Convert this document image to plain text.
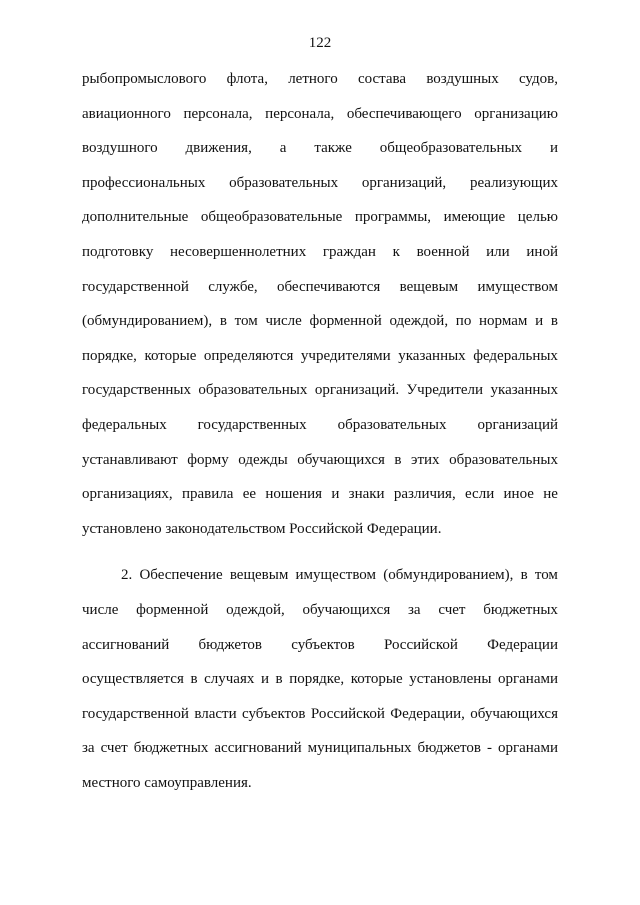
122
рыбопромыслового флота, летного состава воздушных судов,
авиационного персонала, персонала, обеспечивающего организацию
воздушного движения, а также общеобразовательных и
профессиональных образовательных организаций, реализующих
дополнительные общеобразовательные программы, имеющие целью
подготовку несовершеннолетних граждан к военной или иной
государственной службе, обеспечиваются вещевым имуществом
(обмундированием), в том числе форменной одеждой, по нормам и в
порядке, которые определяются учредителями указанных федеральных
государственных образовательных организаций. Учредители указанных
федеральных государственных образовательных организаций
устанавливают форму одежды обучающихся в этих образовательных
организациях, правила ее ношения и знаки различия, если иное не
установлено законодательством Российской Федерации.
2. Обеспечение вещевым имуществом (обмундированием), в том
числе форменной одеждой, обучающихся за счет бюджетных
ассигнований бюджетов субъектов Российской Федерации
осуществляется в случаях и в порядке, которые установлены органами
государственной власти субъектов Российской Федерации, обучающихся
за счет бюджетных ассигнований муниципальных бюджетов - органами
местного самоуправления.
